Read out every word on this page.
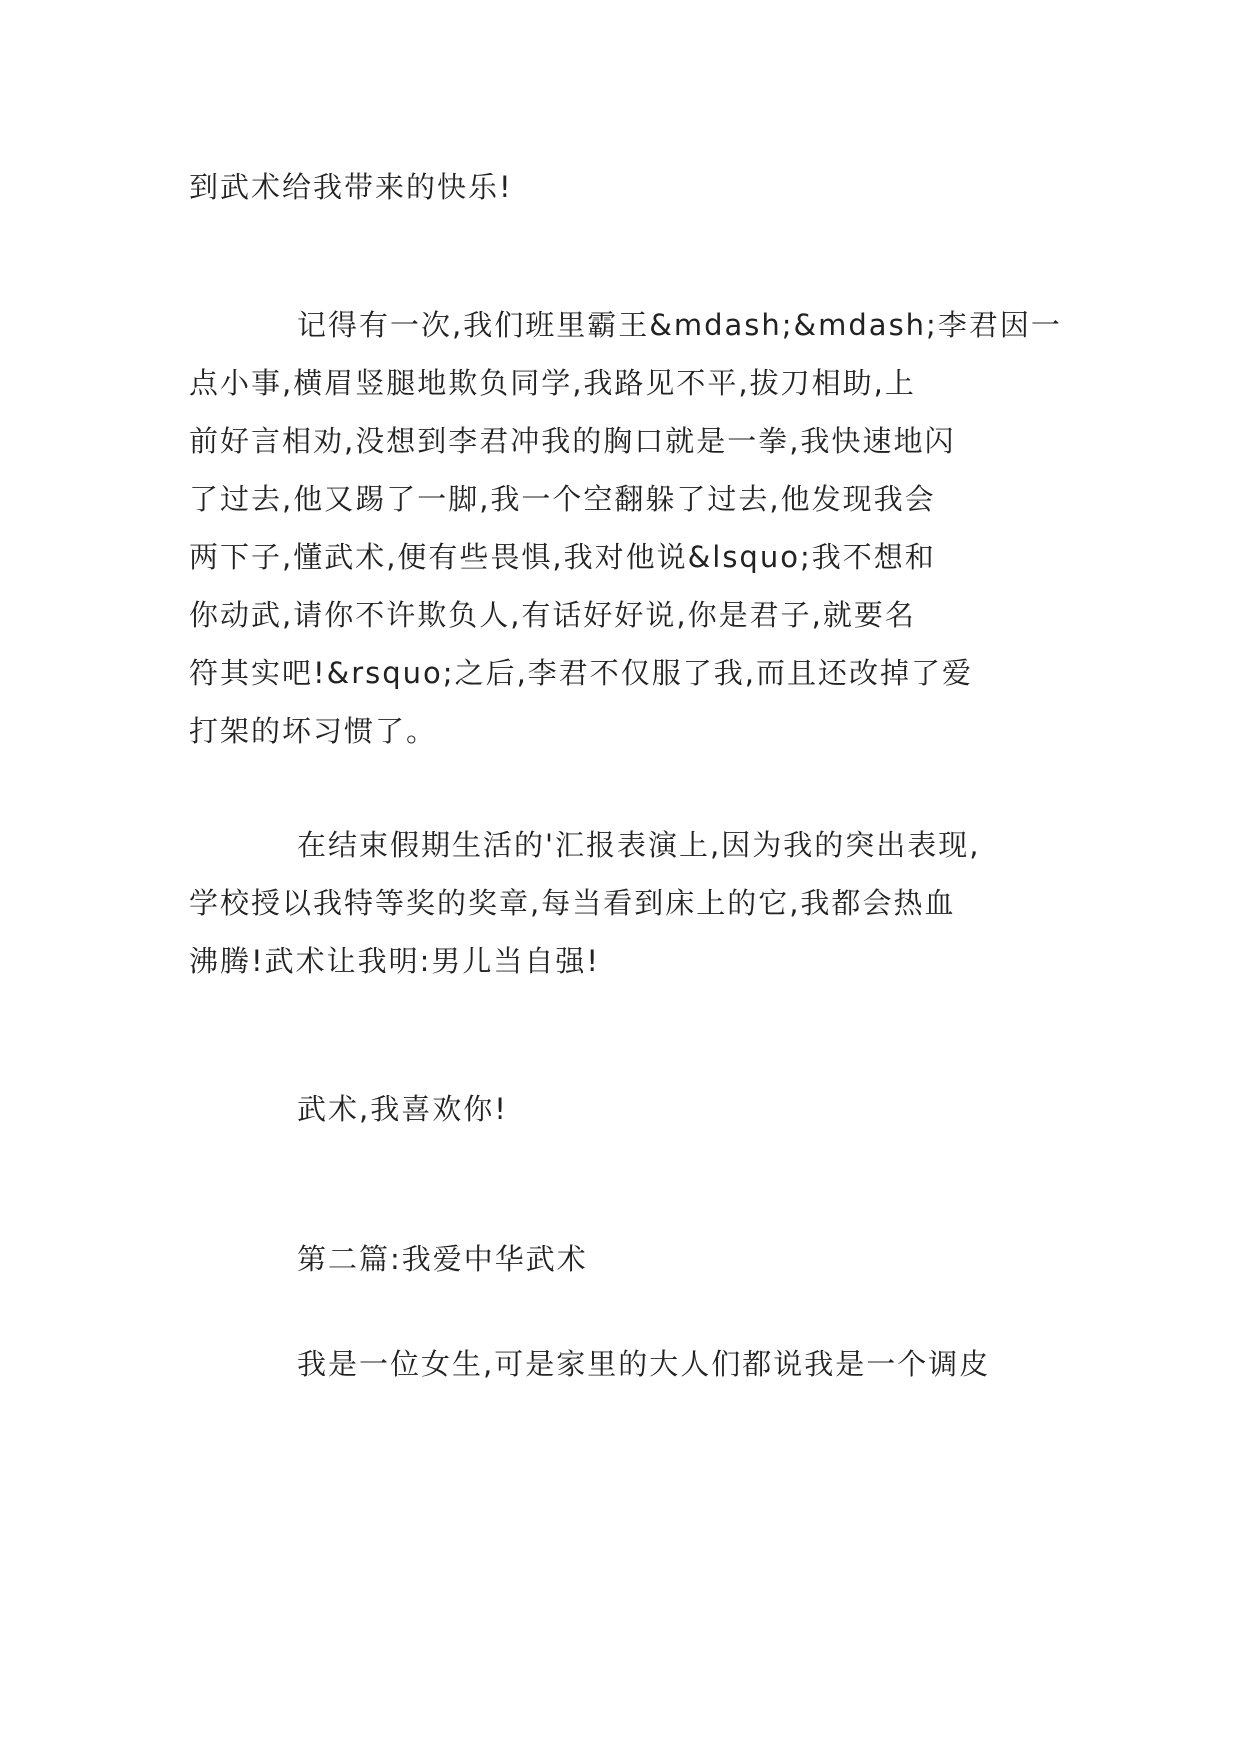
到武术给我带来的快乐!

记得有一次,我们班里霸王&mdash;&mdash;李君因一
点小事,横眉竖腿地欺负同学,我路见不平,拔刀相助,上
前好言相劝,没想到李君冲我的胸口就是一拳,我快速地闪
了过去,他又踢了一脚,我一个空翻躲了过去,他发现我会
两下子,懂武术,便有些畏惧,我对他说&lsquo;我不想和
你动武,请你不许欺负人,有话好好说,你是君子,就要名
符其实吧!&rsquo;之后,李君不仅服了我,而且还改掉了爱
打架的坏习惯了。

在结束假期生活的'汇报表演上,因为我的突出表现,
学校授以我特等奖的奖章,每当看到床上的它,我都会热血
沸腾!武术让我明:男儿当自强!

武术,我喜欢你!

第二篇:我爱中华武术

我是一位女生,可是家里的大人们都说我是一个调皮
